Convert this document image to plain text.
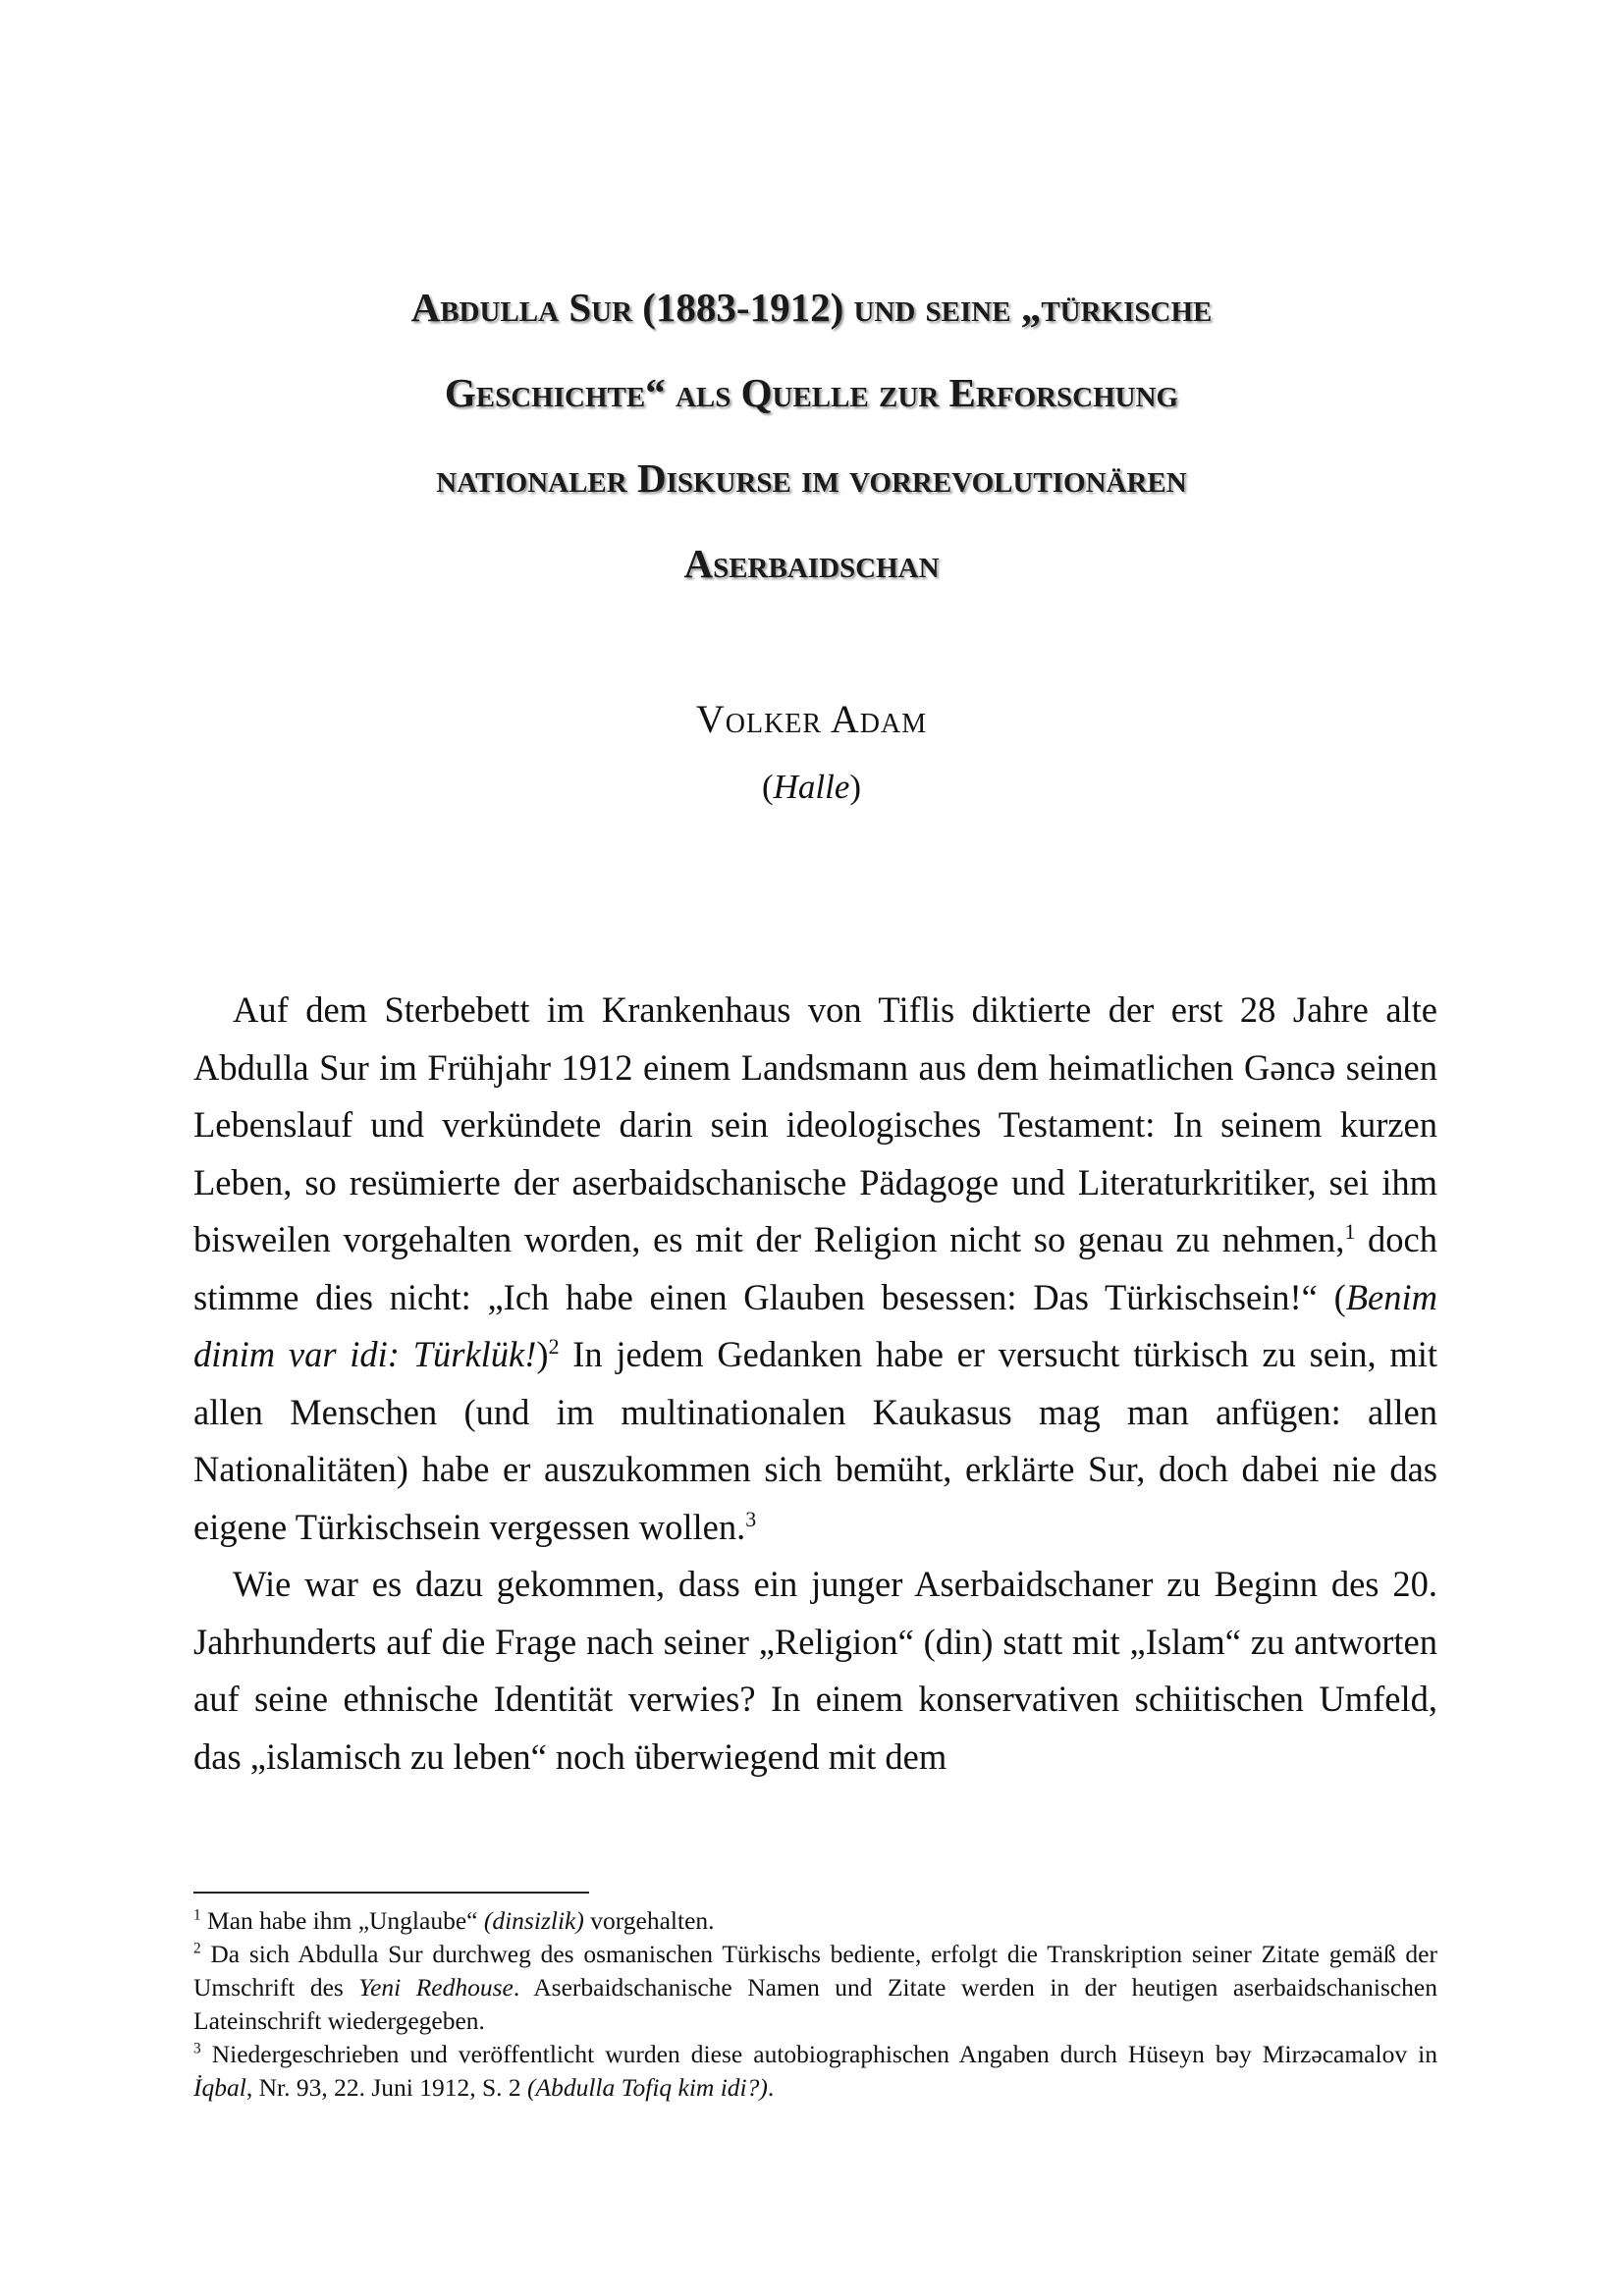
Abdulla Sur (1883-1912) und seine „türkische
Geschichte“ als Quelle zur Erforschung
nationaler Diskurse im vorrevolutionären
Aserbaidschan
Volker Adam
(Halle)

Auf dem Sterbebett im Krankenhaus von Tiflis diktierte der erst 28 Jahre alte Abdulla Sur im Frühjahr 1912 einem Landsmann aus dem heimatlichen Gəncə seinen Lebenslauf und verkündete darin sein ideologisches Testament: In seinem kurzen Leben, so resümierte der aserbaidschanische Pädagoge und Literaturkritiker, sei ihm bisweilen vorgehalten worden, es mit der Religion nicht so genau zu nehmen,$^1$ doch stimme dies nicht: „Ich habe einen Glauben besessen: Das Türkischsein!“ (Benim dinim var idi: Türklük!)$^2$ In jedem Gedanken habe er versucht türkisch zu sein, mit allen Menschen (und im multinationalen Kaukasus mag man anfügen: allen Nationalitäten) habe er auszukommen sich bemüht, erklärte Sur, doch dabei nie das eigene Türkischsein vergessen wollen.$^3$

Wie war es dazu gekommen, dass ein junger Aserbaidschaner zu Beginn des 20. Jahrhunderts auf die Frage nach seiner „Religion“ (din) statt mit „Islam“ zu antworten auf seine ethnische Identität verwies? In einem konservativen schiitischen Umfeld, das „islamisch zu leben“ noch überwiegend mit dem

$^1$ Man habe ihm „Unglaube“ (dinsizlik) vorgehalten.

$^2$ Da sich Abdulla Sur durchweg des osmanischen Türkischs bediente, erfolgt die Transkription seiner Zitate gemäß der Umschrift des Yeni Redhouse. Aserbaidschanische Namen und Zitate werden in der heutigen aserbaidschanischen Lateinschrift wiedergegeben.

$^3$ Niedergeschrieben und veröffentlicht wurden diese autobiographischen Angaben durch Hüseyn bəy Mirzəcamalov in İqbal, Nr. 93, 22. Juni 1912, S. 2 (Abdulla Tofiq kim idi?).
